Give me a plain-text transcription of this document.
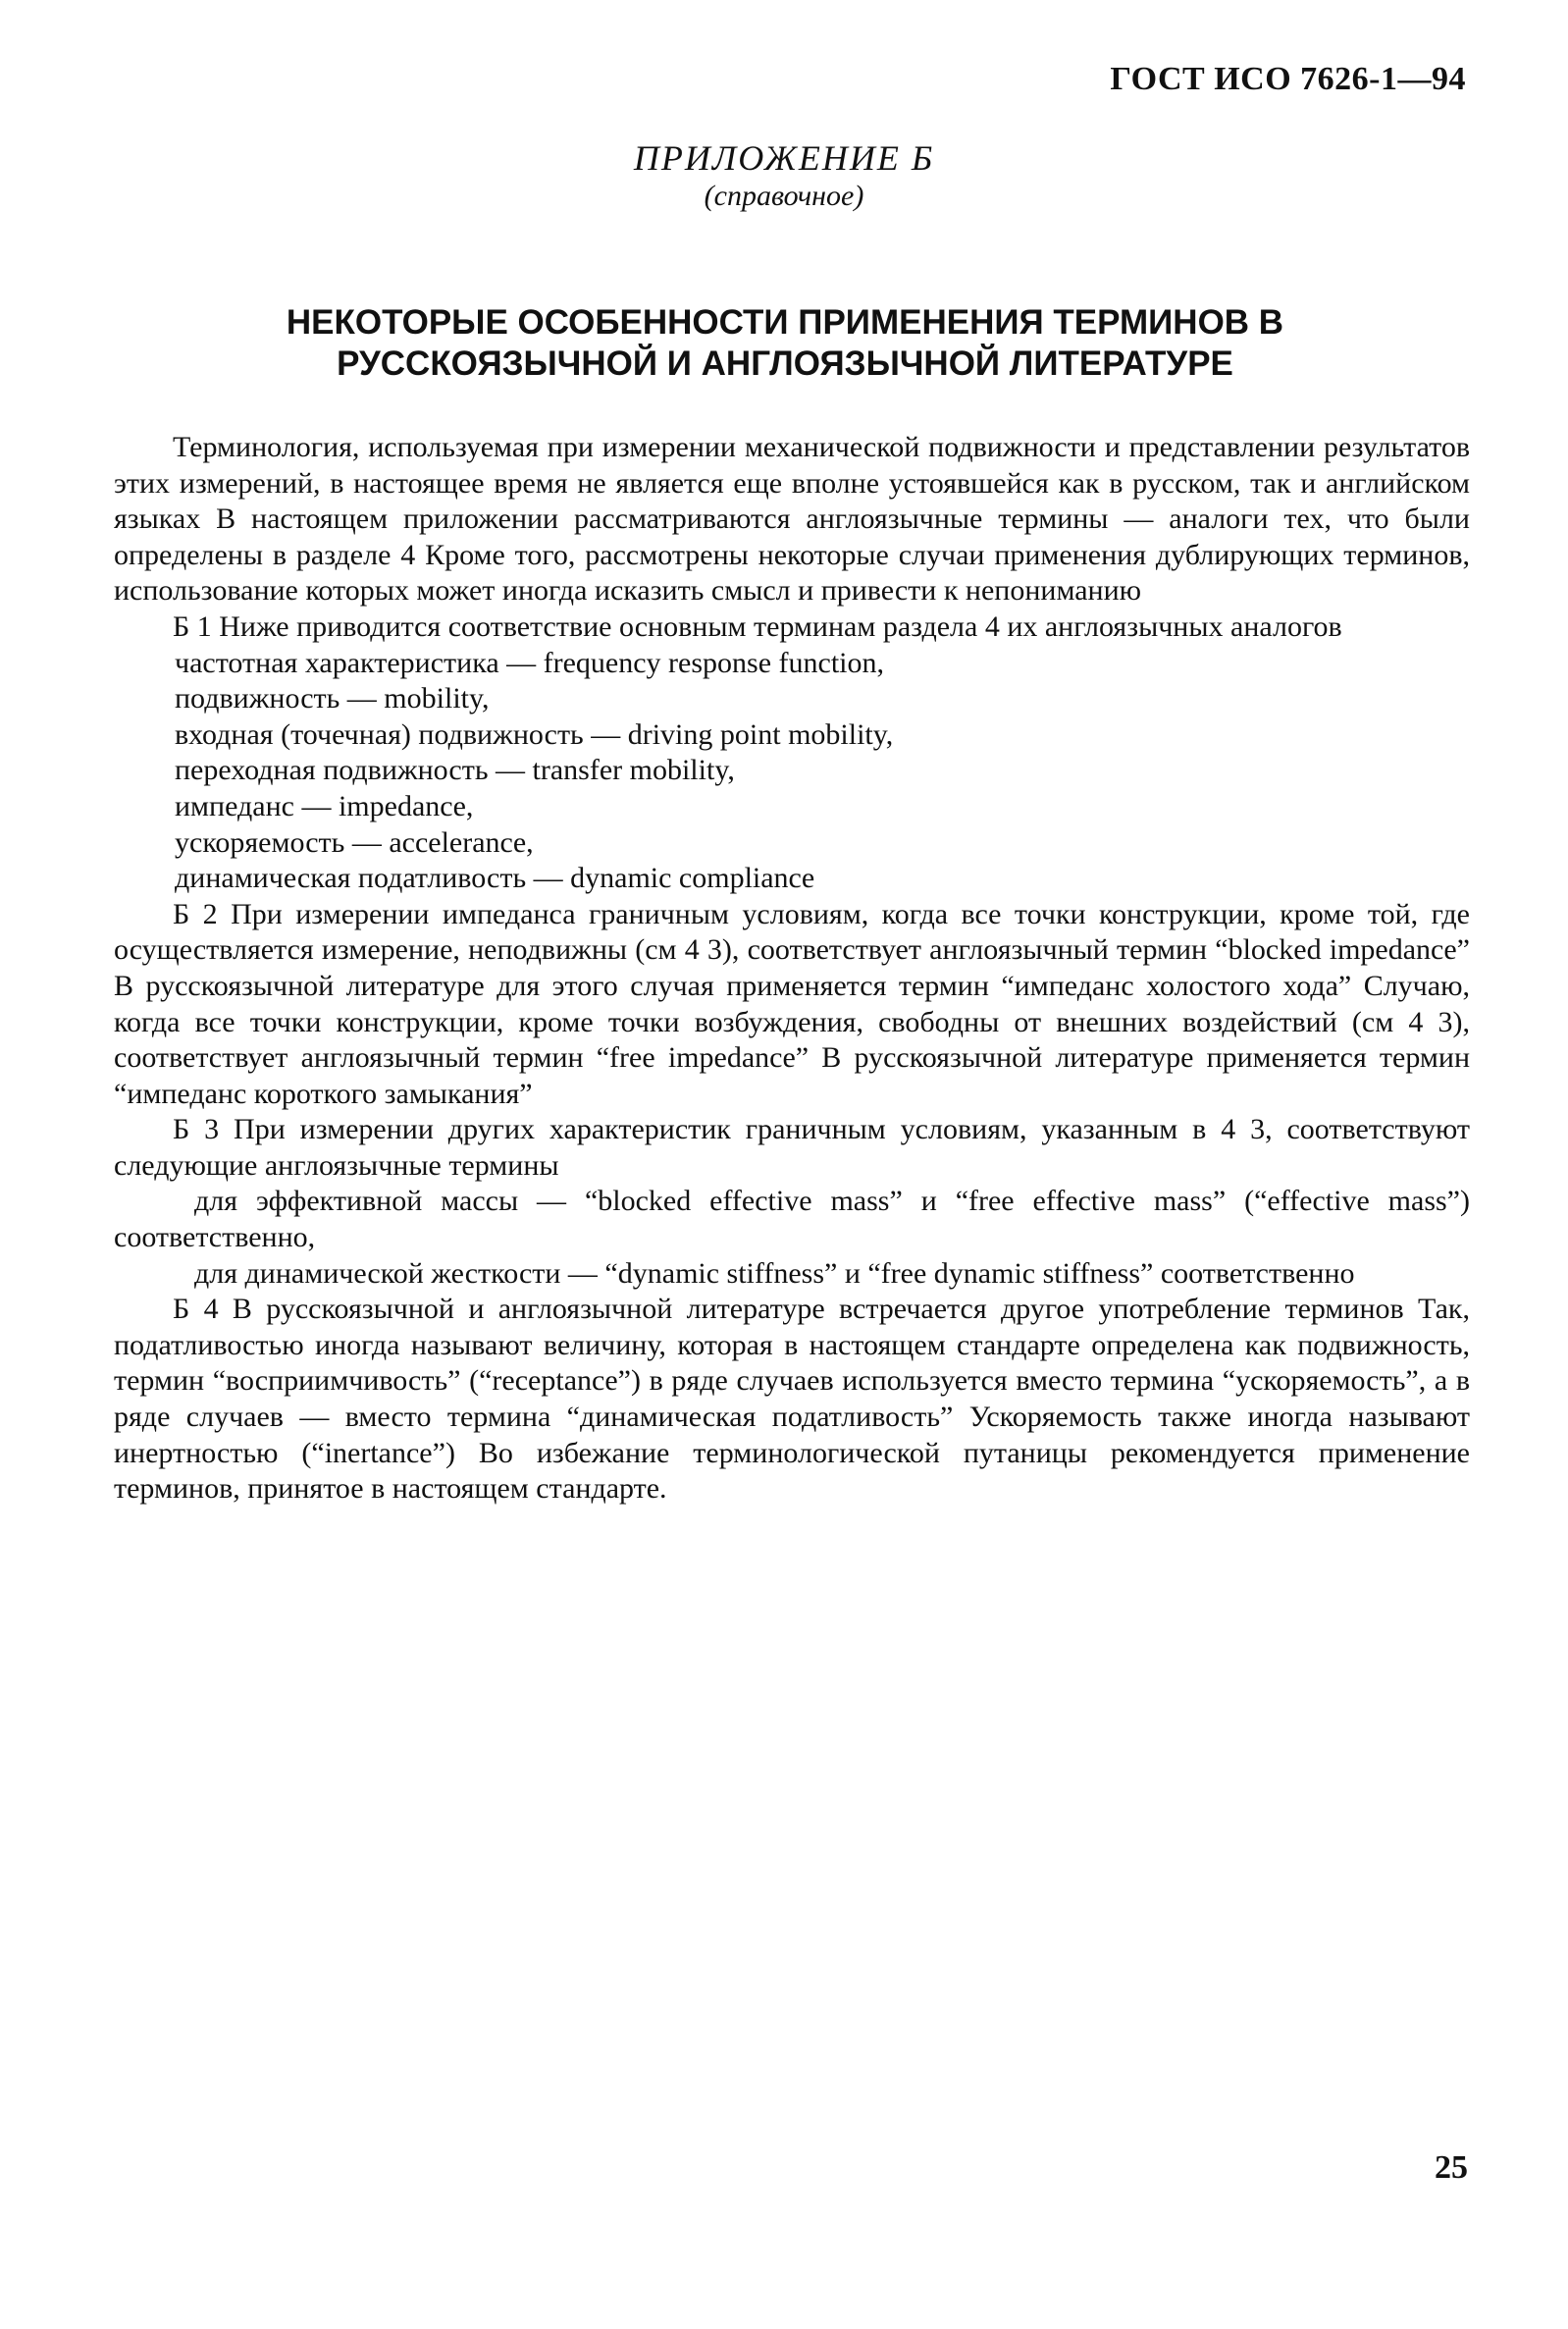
ГОСТ ИСО 7626-1—94
ПРИЛОЖЕНИЕ Б
(справочное)
НЕКОТОРЫЕ ОСОБЕННОСТИ ПРИМЕНЕНИЯ ТЕРМИНОВ В
РУССКОЯЗЫЧНОЙ И АНГЛОЯЗЫЧНОЙ ЛИТЕРАТУРЕ

Терминология, используемая при измерении механической подвижности и представлении результатов этих измерений, в настоящее время не является еще вполне устоявшейся как в русском, так и английском языках В настоящем приложении рассматриваются англоязычные термины — аналоги тех, что были определены в разделе 4 Кроме того, рассмотрены некоторые случаи применения дублирующих терминов, использование которых может иногда исказить смысл и привести к непониманию

Б 1 Ниже приводится соответствие основным терминам раздела 4 их англоязычных аналогов

частотная характеристика — frequency response function,

подвижность — mobility,

входная (точечная) подвижность — driving point mobility,

переходная подвижность — transfer mobility,

импеданс — impedance,

ускоряемость — accelerance,

динамическая податливость — dynamic compliance

Б 2 При измерении импеданса граничным условиям, когда все точки конструкции, кроме той, где осуществляется измерение, неподвижны (см 4 3), соответствует англоязычный термин “blocked impedance” В русскоязычной литературе для этого случая применяется термин “импеданс холостого хода” Случаю, когда все точки конструкции, кроме точки возбуждения, свободны от внешних воздействий (см 4 3), соответствует англоязычный термин “free impedance” В русскоязычной литературе применяется термин “импеданс короткого замыкания”

Б 3 При измерении других характеристик граничным условиям, указанным в 4 3, соответствуют следующие англоязычные термины

для эффективной массы — “blocked effective mass” и “free effective mass” (“effective mass”) соответственно,

для динамической жесткости — “dynamic stiffness” и “free dynamic stiffness” соответственно

Б 4 В русскоязычной и англоязычной литературе встречается другое употребление терминов Так, податливостью иногда называют величину, которая в настоящем стандарте определена как подвижность, термин “восприимчивость” (“receptance”) в ряде случаев используется вместо термина “ускоряемость”, а в ряде случаев — вместо термина “динамическая податливость” Ускоряемость также иногда называют инертностью (“inertance”) Во избежание терминологической путаницы рекомендуется применение терминов, принятое в настоящем стандарте.

25
